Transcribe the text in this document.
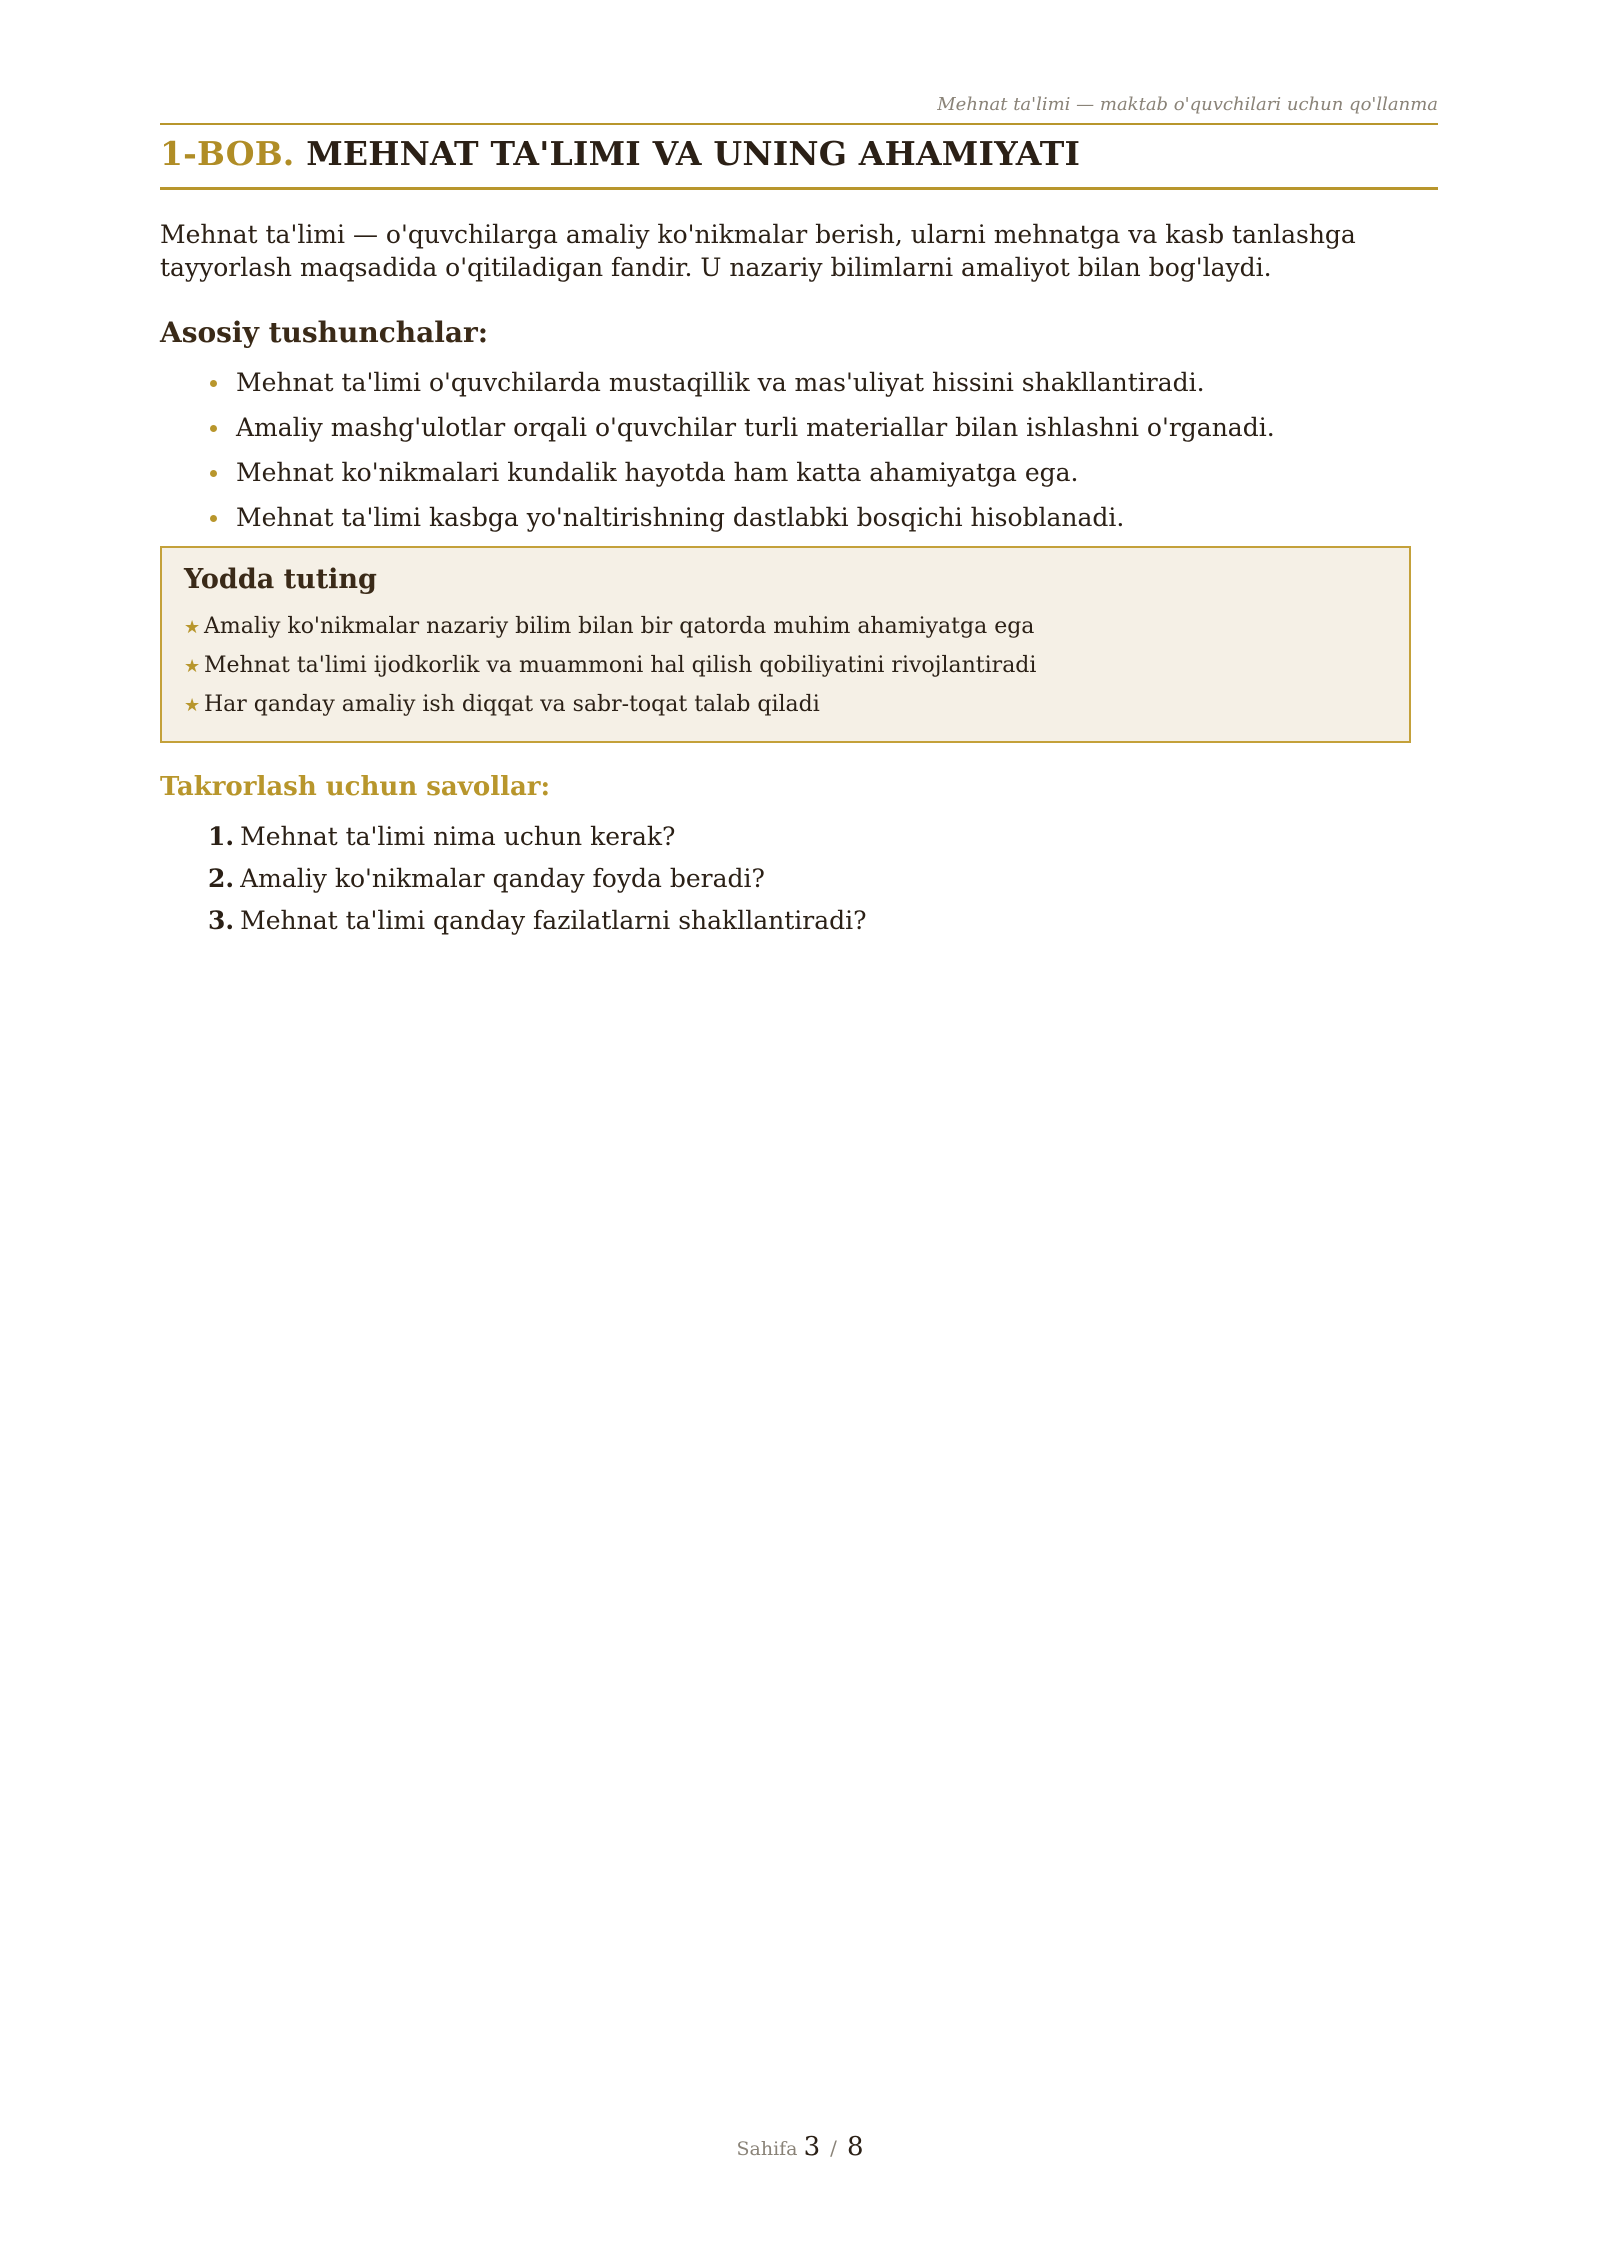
Mehnat ta'limi — maktab o'quvchilari uchun qo'llanma
1-BOB. MEHNAT TA'LIMI VA UNING AHAMIYATI

Mehnat ta'limi — o'quvchilarga amaliy ko'nikmalar berish, ularni mehnatga va kasb tanlashga tayyorlash maqsadida o'qitiladigan fandir. U nazariy bilimlarni amaliyot bilan bog'laydi.

Asosiy tushunchalar:
Mehnat ta'limi o'quvchilarda mustaqillik va mas'uliyat hissini shakllantiradi.
Amaliy mashg'ulotlar orqali o'quvchilar turli materiallar bilan ishlashni o'rganadi.
Mehnat ko'nikmalari kundalik hayotda ham katta ahamiyatga ega.
Mehnat ta'limi kasbga yo'naltirishning dastlabki bosqichi hisoblanadi.
Yodda tuting
★ Amaliy ko'nikmalar nazariy bilim bilan bir qatorda muhim ahamiyatga ega
★ Mehnat ta'limi ijodkorlik va muammoni hal qilish qobiliyatini rivojlantiradi
★ Har qanday amaliy ish diqqat va sabr-toqat talab qiladi
Takrorlash uchun savollar:
1. Mehnat ta'limi nima uchun kerak?
2. Amaliy ko'nikmalar qanday foyda beradi?
3. Mehnat ta'limi qanday fazilatlarni shakllantiradi?
Sahifa 3 / 8
